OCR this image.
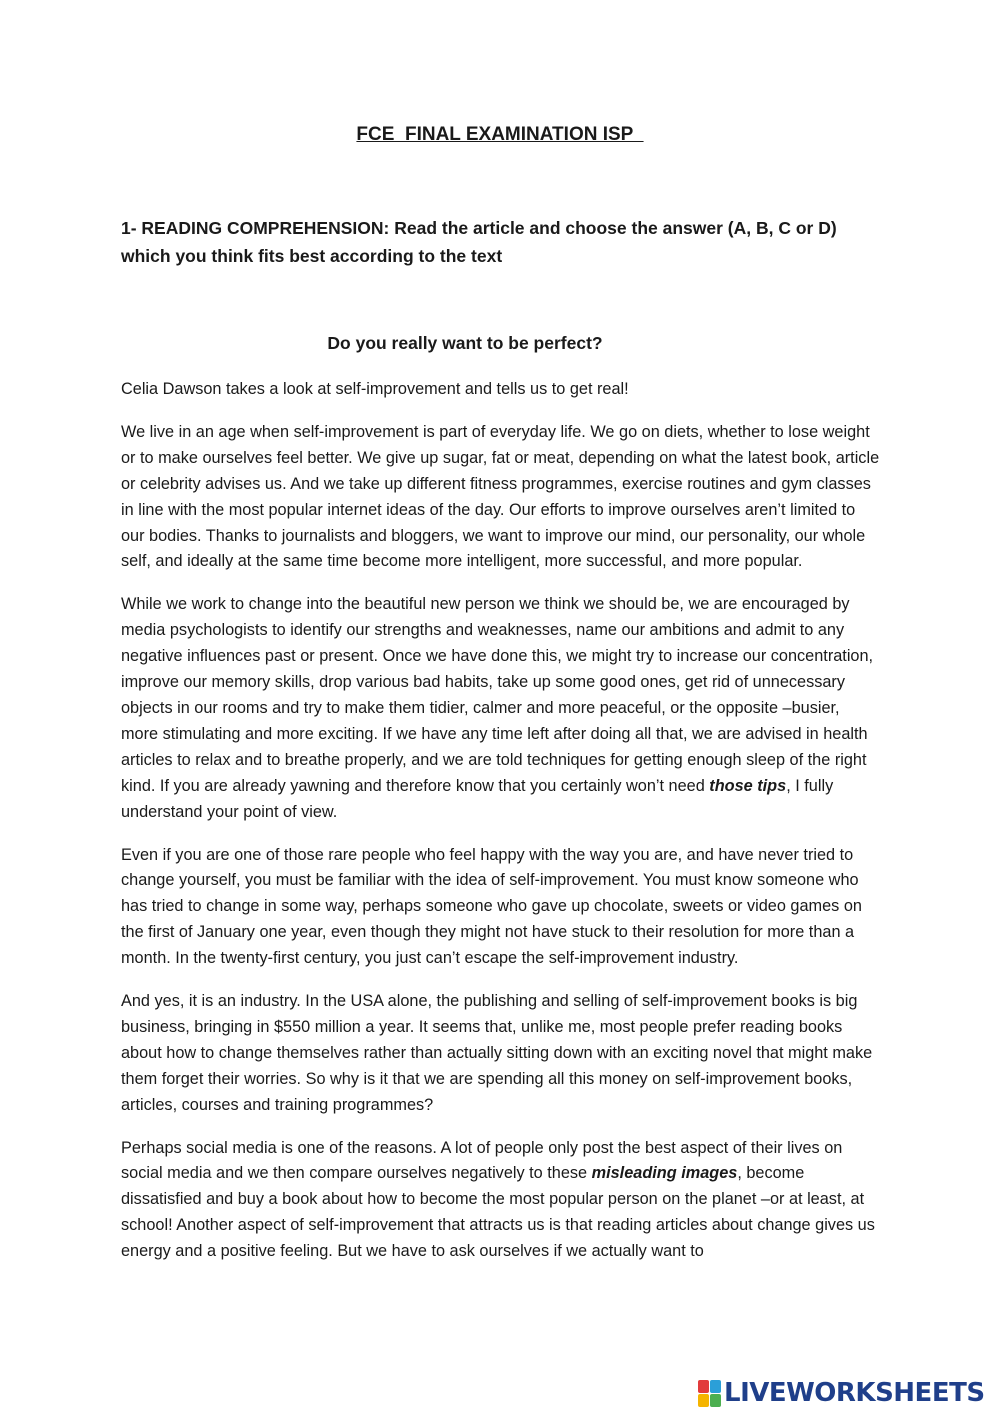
FCE  FINAL EXAMINATION ISP
1- READING COMPREHENSION: Read the article and choose the answer (A, B, C or D) which you think fits best according to the text
Do you really want to be perfect?

Celia Dawson takes a look at self-improvement and tells us to get real!

We live in an age when self-improvement is part of everyday life. We go on diets, whether to lose weight or to make ourselves feel better. We give up sugar, fat or meat, depending on what the latest book, article or celebrity advises us. And we take up different fitness programmes, exercise routines and gym classes in line with the most popular internet ideas of the day. Our efforts to improve ourselves aren’t limited to our bodies. Thanks to journalists and bloggers, we want to improve our mind, our personality, our whole self, and ideally at the same time become more intelligent, more successful, and more popular.

While we work to change into the beautiful new person we think we should be, we are encouraged by media psychologists to identify our strengths and weaknesses, name our ambitions and admit to any negative influences past or present. Once we have done this, we might try to increase our concentration, improve our memory skills, drop various bad habits, take up some good ones, get rid of unnecessary objects in our rooms and try to make them tidier, calmer and more peaceful, or the opposite –busier, more stimulating and more exciting. If we have any time left after doing all that, we are advised in health articles to relax and to breathe properly, and we are told techniques for getting enough sleep of the right kind. If you are already yawning and therefore know that you certainly won’t need those tips, I fully understand your point of view.

Even if you are one of those rare people who feel happy with the way you are, and have never tried to change yourself, you must be familiar with the idea of self-improvement. You must know someone who has tried to change in some way, perhaps someone who gave up chocolate, sweets or video games on the first of January one year, even though they might not have stuck to their resolution for more than a month. In the twenty-first century, you just can’t escape the self-improvement industry.

And yes, it is an industry. In the USA alone, the publishing and selling of self-improvement books is big business, bringing in $550 million a year. It seems that, unlike me, most people prefer reading books about how to change themselves rather than actually sitting down with an exciting novel that might make them forget their worries. So why is it that we are spending all this money on self-improvement books, articles, courses and training programmes?

Perhaps social media is one of the reasons. A lot of people only post the best aspect of their lives on social media and we then compare ourselves negatively to these misleading images, become dissatisfied and buy a book about how to become the most popular person on the planet –or at least, at school! Another aspect of self-improvement that attracts us is that reading articles about change gives us energy and a positive feeling. But we have to ask ourselves if we actually want to

LIVEWORKSHEETS
